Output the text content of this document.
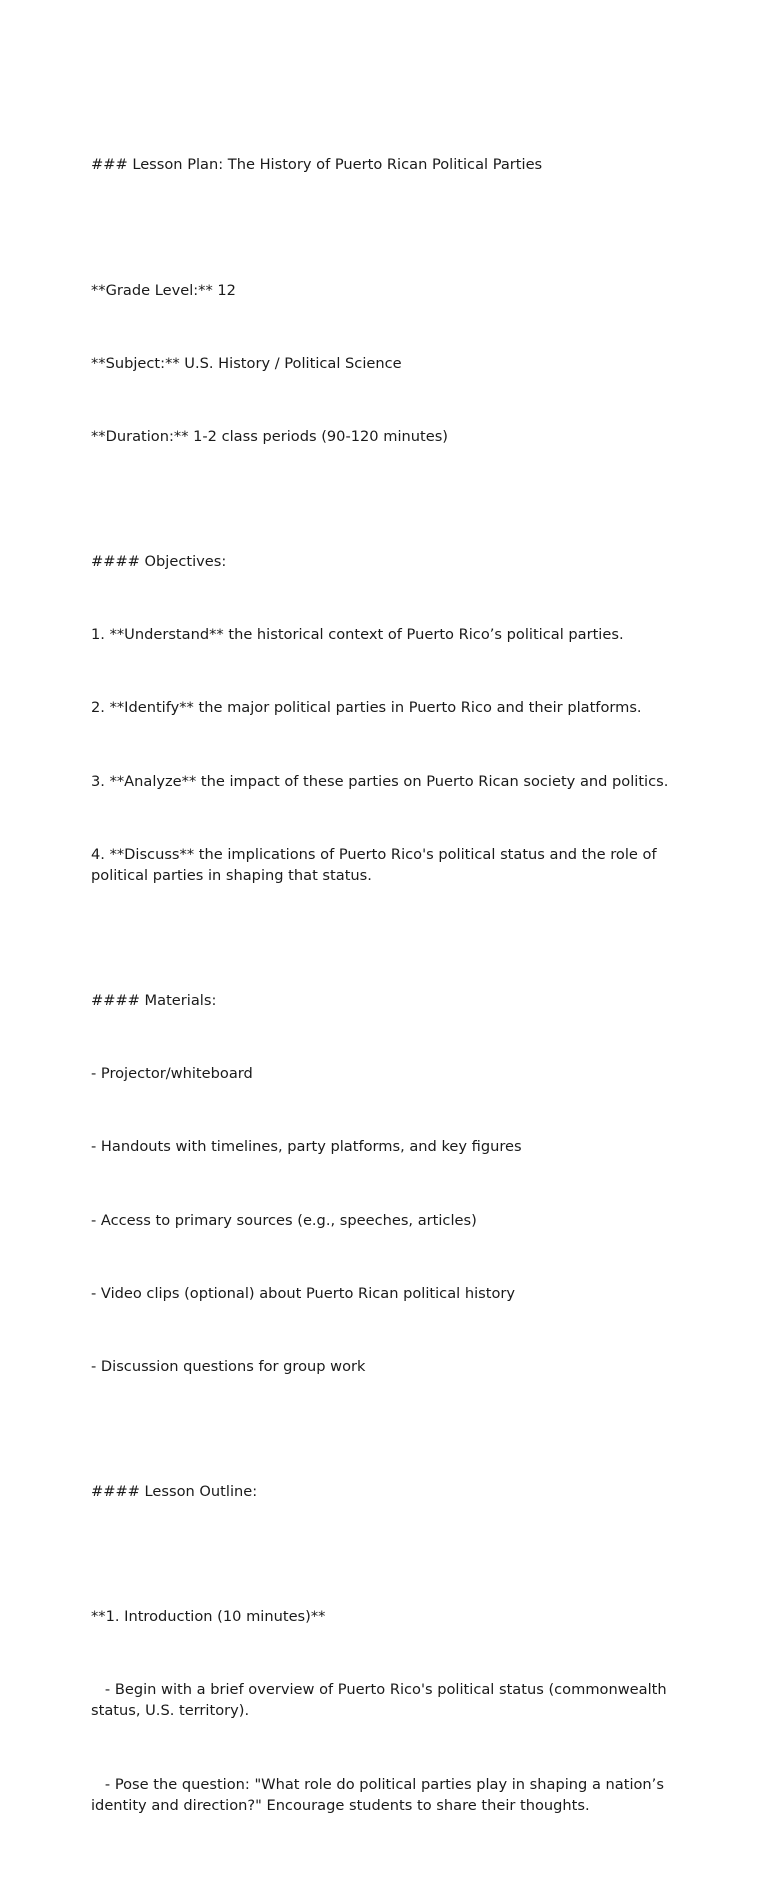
### Lesson Plan: The History of Puerto Rican Political Parties

**Grade Level:** 12

**Subject:** U.S. History / Political Science

**Duration:** 1-2 class periods (90-120 minutes)

#### Objectives:

1. **Understand** the historical context of Puerto Rico’s political parties.

2. **Identify** the major political parties in Puerto Rico and their platforms.

3. **Analyze** the impact of these parties on Puerto Rican society and politics.

4. **Discuss** the implications of Puerto Rico's political status and the role of political parties in shaping that status.

#### Materials:

- Projector/whiteboard

- Handouts with timelines, party platforms, and key figures

- Access to primary sources (e.g., speeches, articles)

- Video clips (optional) about Puerto Rican political history

- Discussion questions for group work

#### Lesson Outline:

**1. Introduction (10 minutes)**

- Begin with a brief overview of Puerto Rico's political status (commonwealth status, U.S. territory).

- Pose the question: "What role do political parties play in shaping a nation’s identity and direction?" Encourage students to share their thoughts.
